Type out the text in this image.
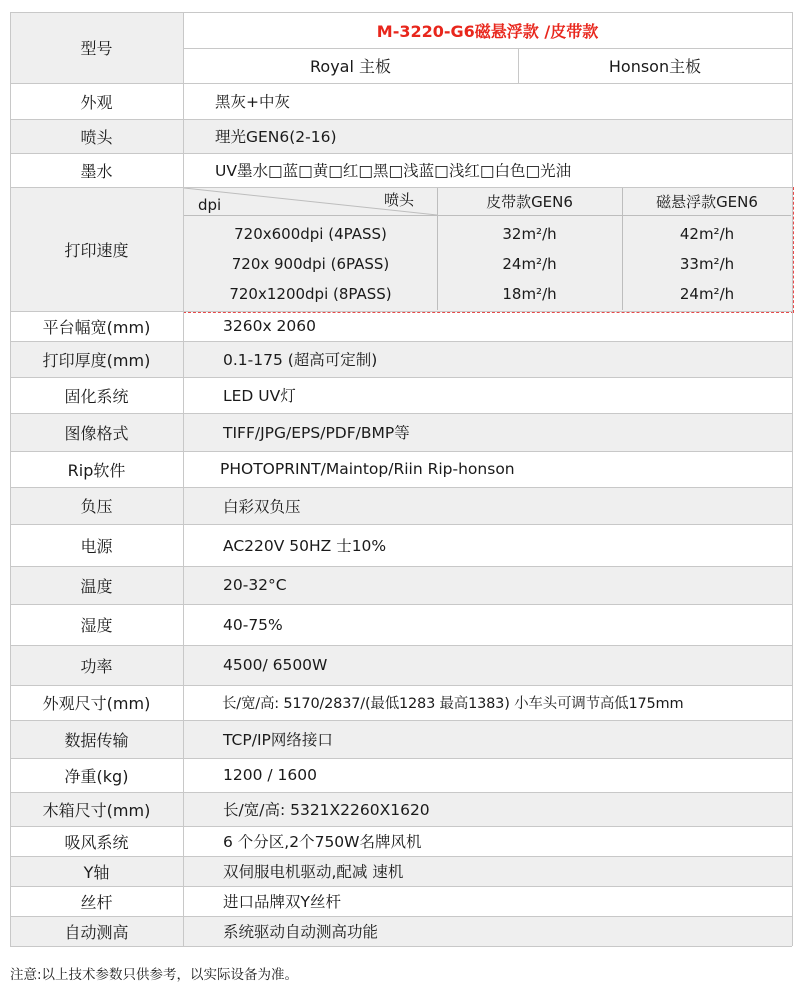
型号
M-3220-G6磁悬浮款 /皮带款
Royal 主板	Honson主板
外观	黑灰+中灰
喷头	理光GEN6(2-16)
墨水	UV墨水□蓝□黄□红□黑□浅蓝□浅红□白色□光油
打印速度
dpi	喷头	皮带款GEN6	磁悬浮款GEN6
720x600dpi (4PASS)	32m²/h	42m²/h
720x 900dpi (6PASS)	24m²/h	33m²/h
720x1200dpi (8PASS)	18m²/h	24m²/h
平台幅宽(mm)	3260x 2060
打印厚度(mm)	0.1-175 (超高可定制)
固化系统	LED UV灯
图像格式	TIFF/JPG/EPS/PDF/BMP等
Rip软件	PHOTOPRINT/Maintop/Riin Rip-honson
负压	白彩双负压
电源	AC220V 50HZ 士10%
温度	20-32°C
湿度	40-75%
功率	4500/ 6500W
外观尺寸(mm)	长/宽/高: 5170/2837/(最低1283 最高1383) 小车头可调节高低175mm
数据传输	TCP/IP网络接口
净重(kg)	1200 / 1600
木箱尺寸(mm)	长/宽/高: 5321X2260X1620
吸风系统	6 个分区,2个750W名牌风机
Y轴	双伺服电机驱动,配减 速机
丝杆	进口品牌双Y丝杆
自动测高	系统驱动自动测高功能
注意:以上技术参数只供参考，以实际设备为准。
